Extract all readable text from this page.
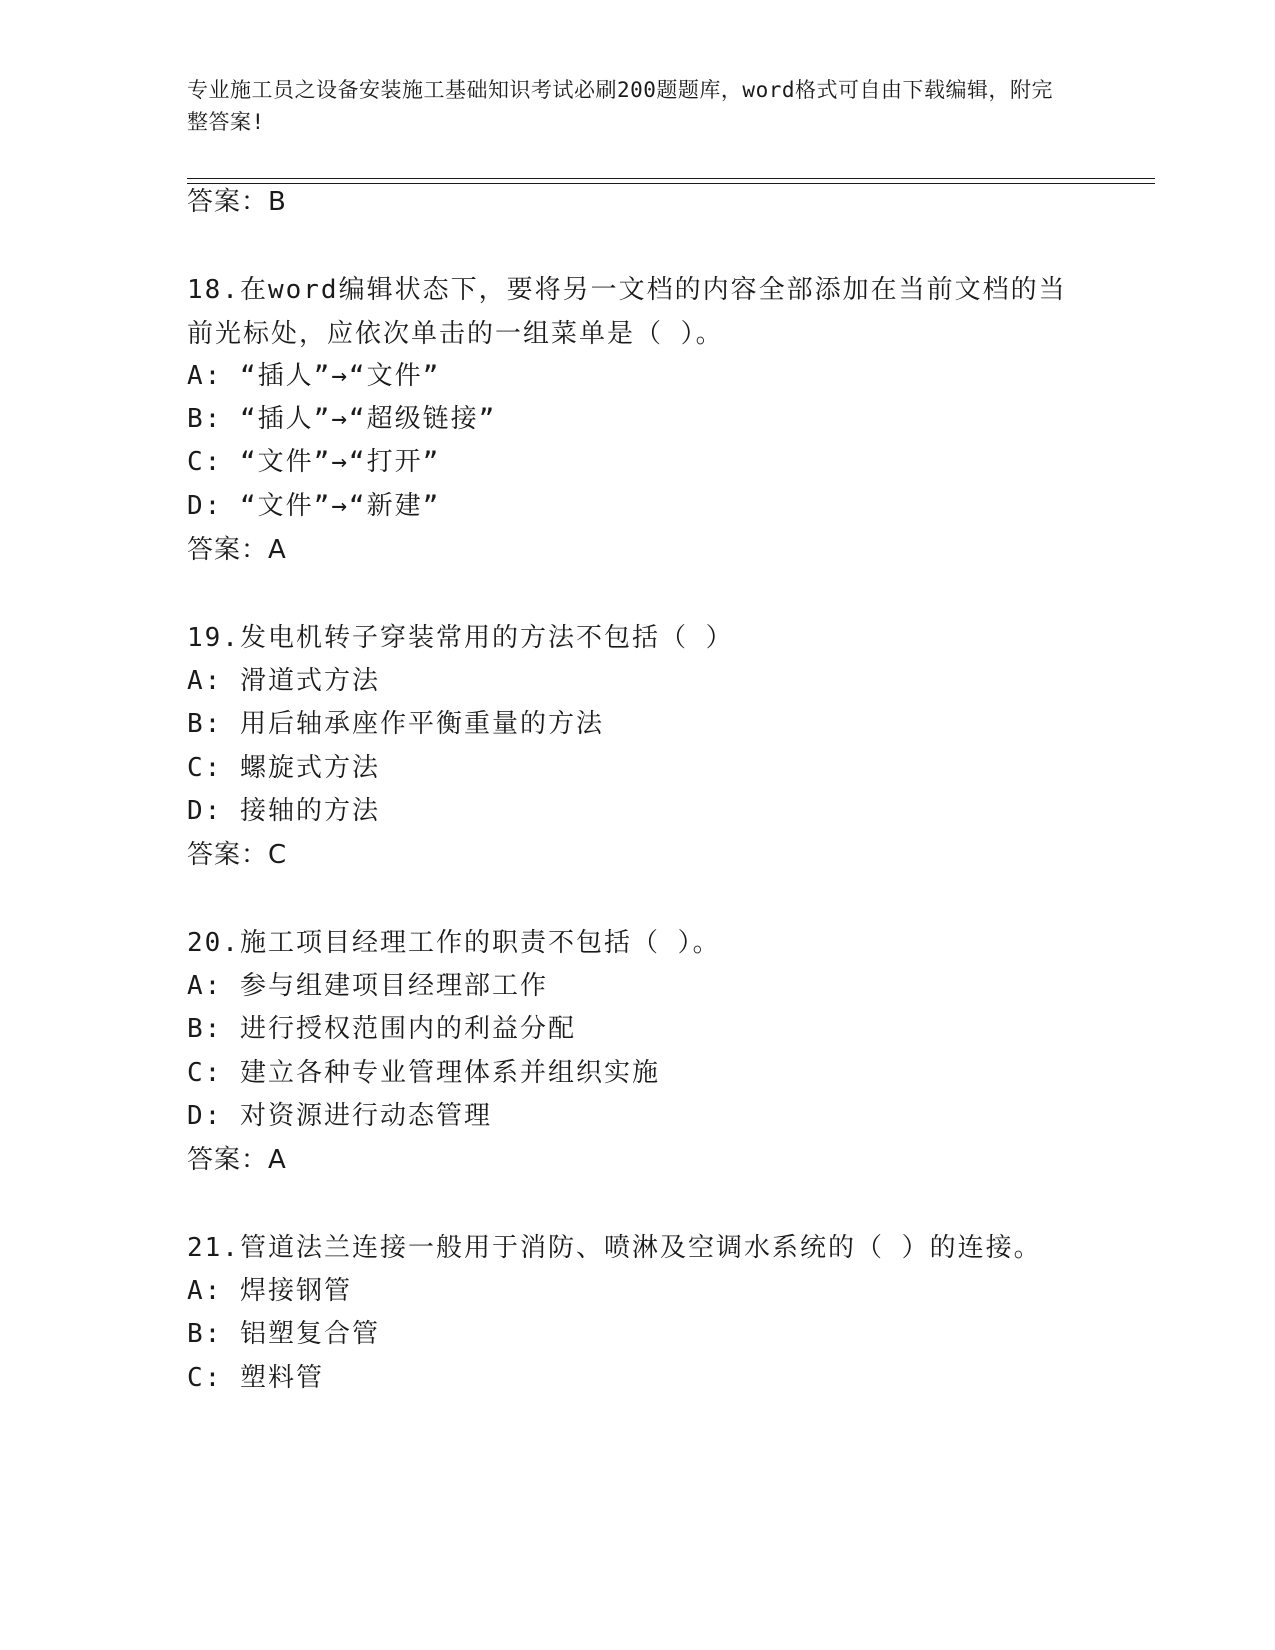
专业施工员之设备安装施工基础知识考试必刷200题题库，word格式可自由下载编辑，附完整答案!
答案：B
18.在word编辑状态下，要将另一文档的内容全部添加在当前文档的当前光标处，应依次单击的一组菜单是（ ）。
A: “插人”→“文件”
B: “插人”→“超级链接”
C: “文件”→“打开”
D: “文件”→“新建”
答案：A
19.发电机转子穿装常用的方法不包括（ ）
A: 滑道式方法
B: 用后轴承座作平衡重量的方法
C: 螺旋式方法
D: 接轴的方法
答案：C
20.施工项目经理工作的职责不包括（ ）。
A: 参与组建项目经理部工作
B: 进行授权范围内的利益分配
C: 建立各种专业管理体系并组织实施
D: 对资源进行动态管理
答案：A
21.管道法兰连接一般用于消防、喷淋及空调水系统的（ ）的连接。
A: 焊接钢管
B: 铝塑复合管
C: 塑料管
